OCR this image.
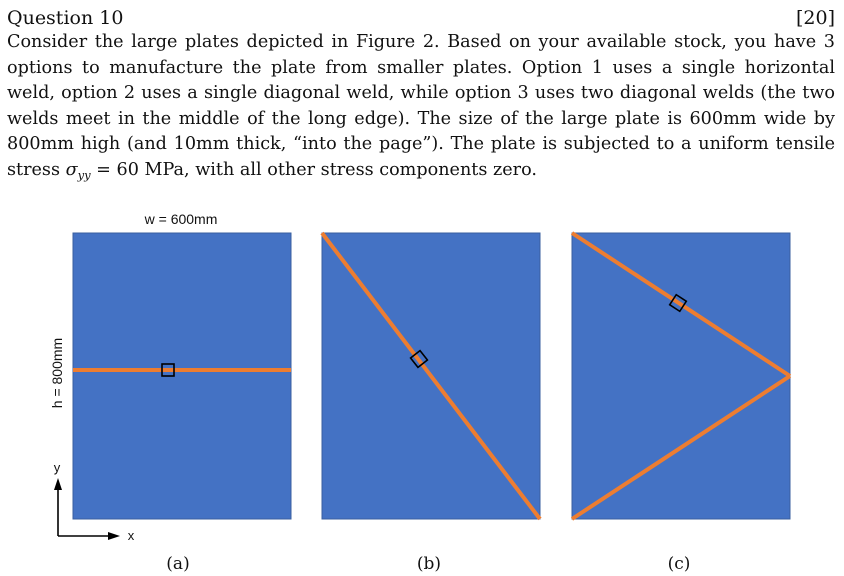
Question 10	[20]

Consider the large plates depicted in Figure 2. Based on your available stock, you have 3 options to manufacture the plate from smaller plates. Option 1 uses a single horizontal weld, option 2 uses a single diagonal weld, while option 3 uses two diagonal welds (the two welds meet in the middle of the long edge). The size of the large plate is 600mm wide by 800mm high (and 10mm thick, “into the page”). The plate is subjected to a uniform tensile stress $\sigma_{yy} = 60$ MPa, with all other stress components zero.

w = 600mm
h = 800mm
y
x
(a)	(b)	(c)
